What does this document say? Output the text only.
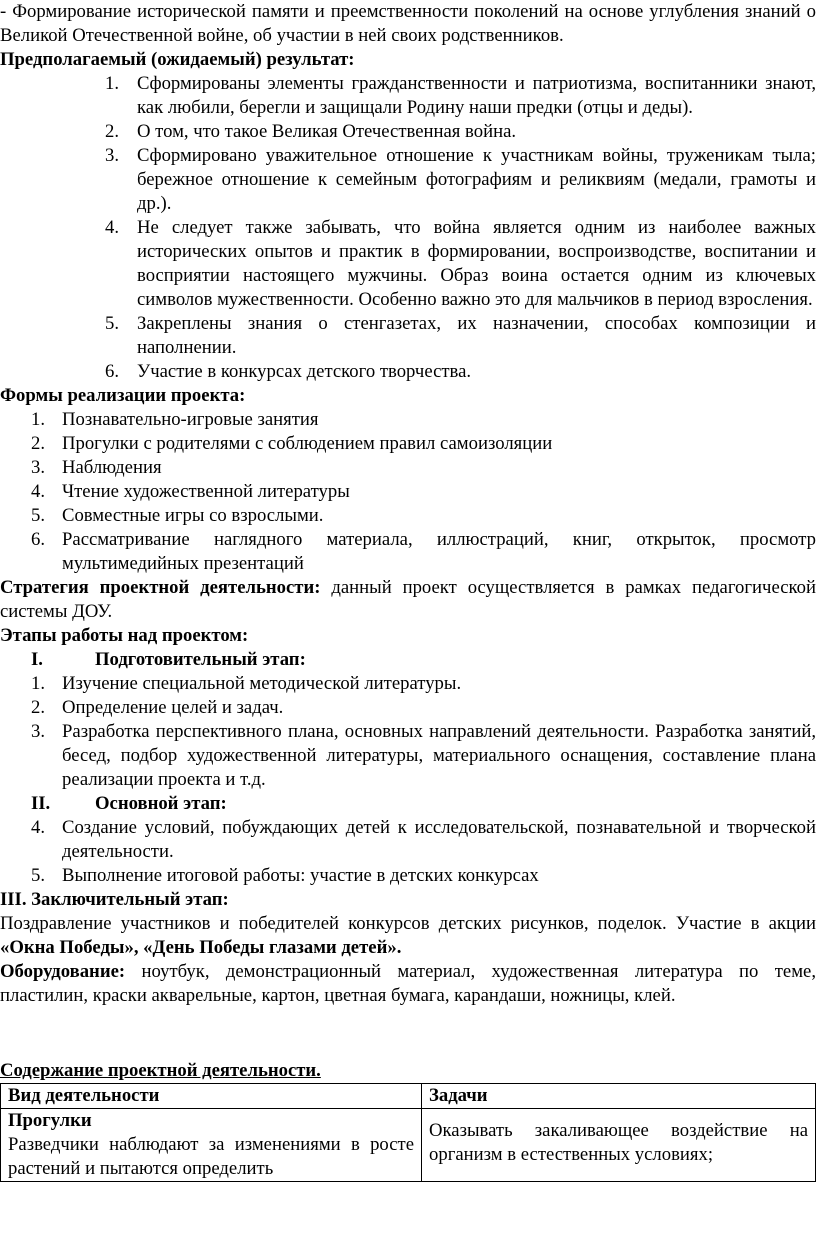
- Формирование исторической памяти и преемственности поколений на основе углубления знаний о Великой Отечественной войне, об участии в ней своих родственников.

Предполагаемый (ожидаемый) результат:

1. Сформированы элементы гражданственности и патриотизма, воспитанники знают, как любили, берегли и защищали Родину наши предки (отцы и деды).
2. О том, что такое Великая Отечественная война.
3. Сформировано уважительное отношение к участникам войны, труженикам тыла; бережное отношение к семейным фотографиям и реликвиям (медали, грамоты и др.).
4. Не следует также забывать, что война является одним из наиболее важных исторических опытов и практик в формировании, воспроизводстве, воспитании и восприятии настоящего мужчины. Образ воина остается одним из ключевых символов мужественности. Особенно важно это для мальчиков в период взросления.
5. Закреплены знания о стенгазетах, их назначении, способах композиции и наполнении.
6. Участие в конкурсах детского творчества.

Формы реализации проекта:

1. Познавательно-игровые занятия
2. Прогулки с родителями с соблюдением правил самоизоляции
3. Наблюдения
4. Чтение художественной литературы
5. Совместные игры со взрослыми.
6. Рассматривание наглядного материала, иллюстраций, книг, открыток, просмотр мультимедийных презентаций

Стратегия проектной деятельности: данный проект осуществляется в рамках педагогической системы ДОУ.

Этапы работы над проектом:

I.	Подготовительный этап:
1. Изучение специальной методической литературы.
2. Определение целей и задач.
3. Разработка перспективного плана, основных направлений деятельности. Разработка занятий, бесед, подбор художественной литературы, материального оснащения, составление плана реализации проекта и т.д.
II. Основной этап:
4. Создание условий, побуждающих детей к исследовательской, познавательной и творческой деятельности.
5. Выполнение итоговой работы: участие в детских конкурсах

III. Заключительный этап:

Поздравление участников и победителей конкурсов детских рисунков, поделок. Участие в акции «Окна Победы», «День Победы глазами детей».

Оборудование: ноутбук, демонстрационный материал, художественная литература по теме, пластилин, краски акварельные, картон, цветная бумага, карандаши, ножницы, клей.

Содержание проектной деятельности.

Вид деятельности	Задачи

Прогулки

Разведчики наблюдают за изменениями в росте растений и пытаются определить	Оказывать закаливающее воздействие на организм в естественных условиях;
